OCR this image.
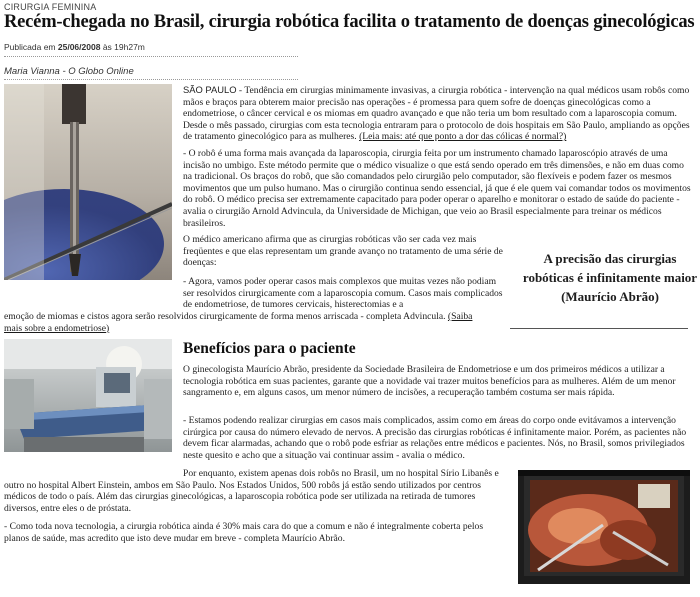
CIRURGIA FEMININA
Recém-chegada no Brasil, cirurgia robótica facilita o tratamento de doenças ginecológicas
Publicada em 25/06/2008 às 19h27m
Maria Vianna - O Globo Online

SÃO PAULO - Tendência em cirurgias minimamente invasivas, a cirurgia robótica - intervenção na qual médicos usam robôs como mãos e braços para obterem maior precisão nas operações - é promessa para quem sofre de doenças ginecológicas como a endometriose, o câncer cervical e os miomas em quadro avançado e que não teria um bom resultado com a laparoscopia comum. Desde o mês passado, cirurgias com esta tecnologia entraram para o protocolo de dois hospitais em São Paulo, ampliando as opções de tratamento ginecológico para as mulheres. (Leia mais: até que ponto a dor das cólicas é normal?)

- O robô é uma forma mais avançada da laparoscopia, cirurgia feita por um instrumento chamado laparoscópio através de uma incisão no umbigo. Este método permite que o médico visualize o que está sendo operado em três dimensões, e não em duas como na tradicional. Os braços do robô, que são comandados pelo cirurgião pelo computador, são flexíveis e podem fazer os mesmos movimentos que um pulso humano. Mas o cirurgião continua sendo essencial, já que é ele quem vai comandar todos os movimentos do robô. O médico precisa ser extremamente capacitado para poder operar o aparelho e monitorar o estado de saúde do paciente - avalia o cirurgião Arnold Advincula, da Universidade de Michigan, que veio ao Brasil especialmente para treinar os médicos brasileiros.

O médico americano afirma que as cirurgias robóticas vão ser cada vez mais freqüentes e que elas representam um grande avanço no tratamento de uma série de doenças:

- Agora, vamos poder operar casos mais complexos que muitas vezes não podiam ser resolvidos cirurgicamente com a laparoscopia comum. Casos mais complicados de endometriose, de tumores cervicais, histerectomias e a

emoção de miomas e cistos agora serão resolvidos cirurgicamente de forma menos arriscada - completa Advincula. (Saiba
mais sobre a endometriose)

A precisão das cirurgias robóticas é infinitamente maior (Maurício Abrão)
Benefícios para o paciente

O ginecologista Maurício Abrão, presidente da Sociedade Brasileira de Endometriose e um dos primeiros médicos a utilizar a tecnologia robótica em suas pacientes, garante que a novidade vai trazer muitos benefícios para as mulheres. Além de um menor sangramento e, em alguns casos, um menor número de incisões, a recuperação também costuma ser mais rápida.

- Estamos podendo realizar cirurgias em casos mais complicados, assim como em áreas do corpo onde evitávamos a intervenção cirúrgica por causa do número elevado de nervos. A precisão das cirurgias robóticas é infinitamente maior. Porém, as pacientes não devem ficar alarmadas, achando que o robô pode esfriar as relações entre médicos e pacientes. Nós, no Brasil, somos privilegiados neste quesito e acho que a situação vai continuar assim - avalia o médico.

Por enquanto, existem apenas dois robôs no Brasil, um no hospital Sírio Libanês e outro no hospital Albert Einstein, ambos em São Paulo. Nos Estados Unidos, 500 robôs já estão sendo utilizados por centros médicos de todo o país. Além das cirurgias ginecológicas, a laparoscopia robótica pode ser utilizada na retirada de tumores diversos, entre eles o de próstata.

- Como toda nova tecnologia, a cirurgia robótica ainda é 30% mais cara do que a comum e não é integralmente coberta pelos planos de saúde, mas acredito que isto deve mudar em breve - completa Maurício Abrão.
